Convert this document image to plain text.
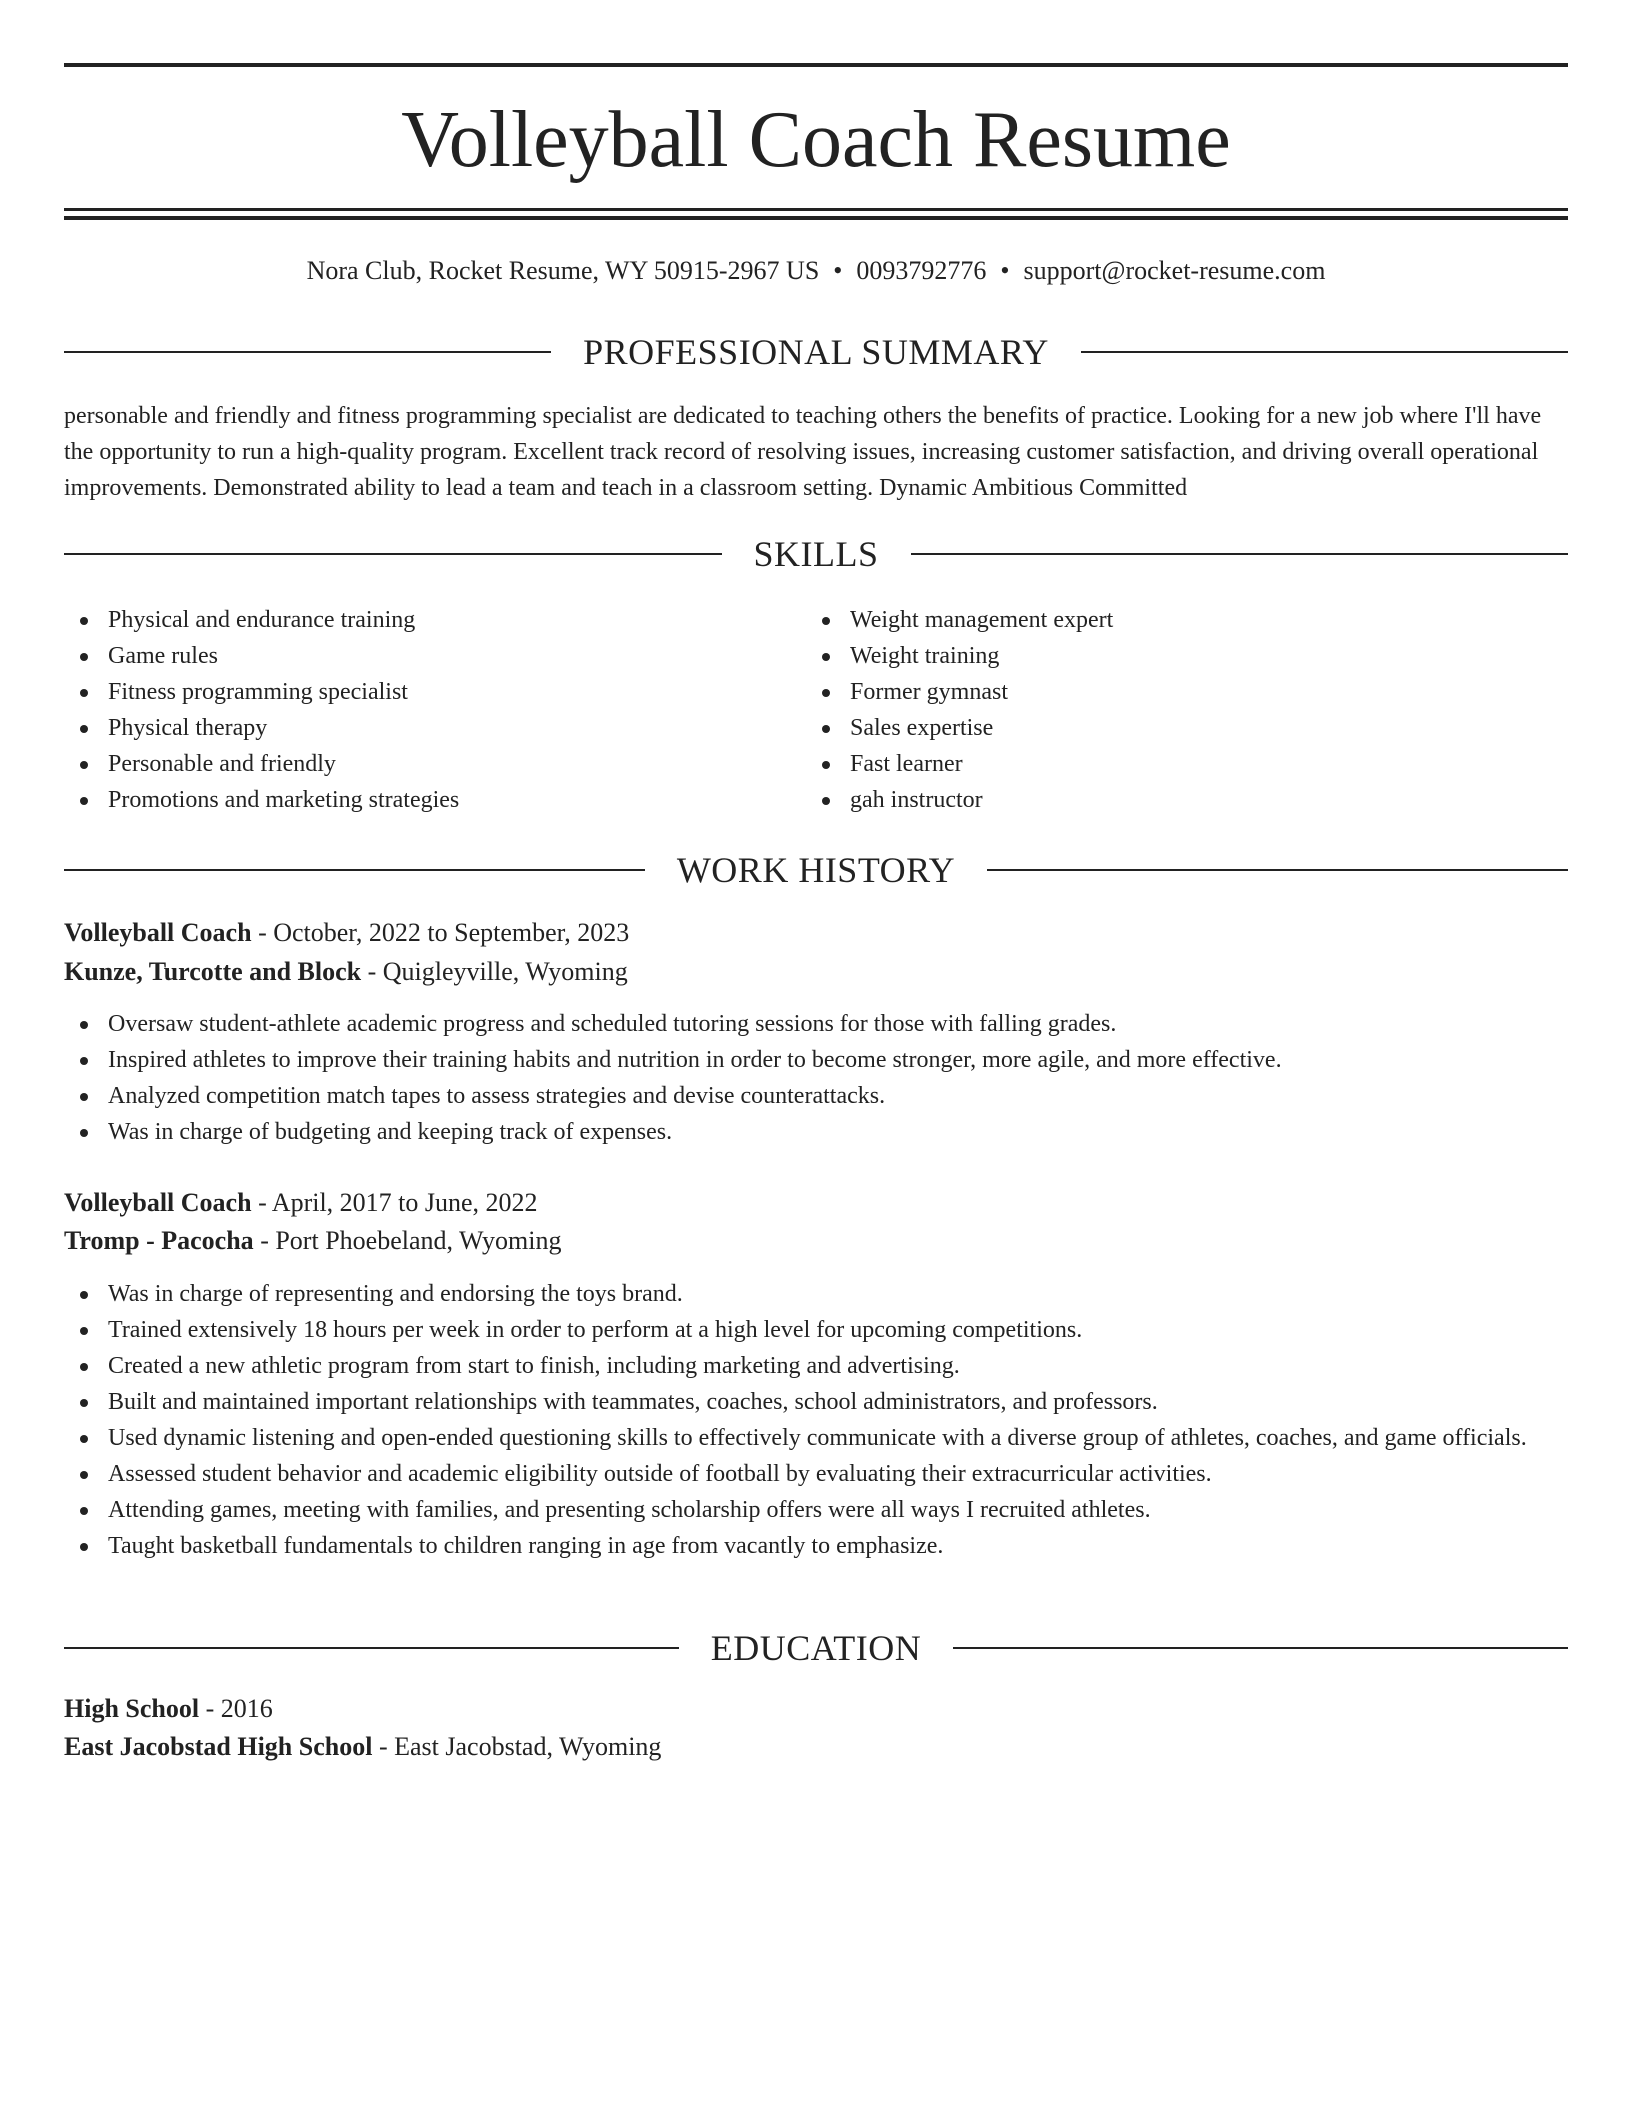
Volleyball Coach Resume
Nora Club, Rocket Resume, WY 50915-2967 US • 0093792776 • support@rocket-resume.com
PROFESSIONAL SUMMARY

personable and friendly and fitness programming specialist are dedicated to teaching others the benefits of practice. Looking for a new job where I'll have the opportunity to run a high-quality program. Excellent track record of resolving issues, increasing customer satisfaction, and driving overall operational improvements. Demonstrated ability to lead a team and teach in a classroom setting. Dynamic Ambitious Committed

SKILLS
Physical and endurance training
Game rules
Fitness programming specialist
Physical therapy
Personable and friendly
Promotions and marketing strategies
Weight management expert
Weight training
Former gymnast
Sales expertise
Fast learner
gah instructor
WORK HISTORY
Volleyball Coach - October, 2022 to September, 2023
Kunze, Turcotte and Block - Quigleyville, Wyoming
Oversaw student-athlete academic progress and scheduled tutoring sessions for those with falling grades.
Inspired athletes to improve their training habits and nutrition in order to become stronger, more agile, and more effective.
Analyzed competition match tapes to assess strategies and devise counterattacks.
Was in charge of budgeting and keeping track of expenses.
Volleyball Coach - April, 2017 to June, 2022
Tromp - Pacocha - Port Phoebeland, Wyoming
Was in charge of representing and endorsing the toys brand.
Trained extensively 18 hours per week in order to perform at a high level for upcoming competitions.
Created a new athletic program from start to finish, including marketing and advertising.
Built and maintained important relationships with teammates, coaches, school administrators, and professors.
Used dynamic listening and open-ended questioning skills to effectively communicate with a diverse group of athletes, coaches, and game officials.
Assessed student behavior and academic eligibility outside of football by evaluating their extracurricular activities.
Attending games, meeting with families, and presenting scholarship offers were all ways I recruited athletes.
Taught basketball fundamentals to children ranging in age from vacantly to emphasize.
EDUCATION
High School - 2016
East Jacobstad High School - East Jacobstad, Wyoming
